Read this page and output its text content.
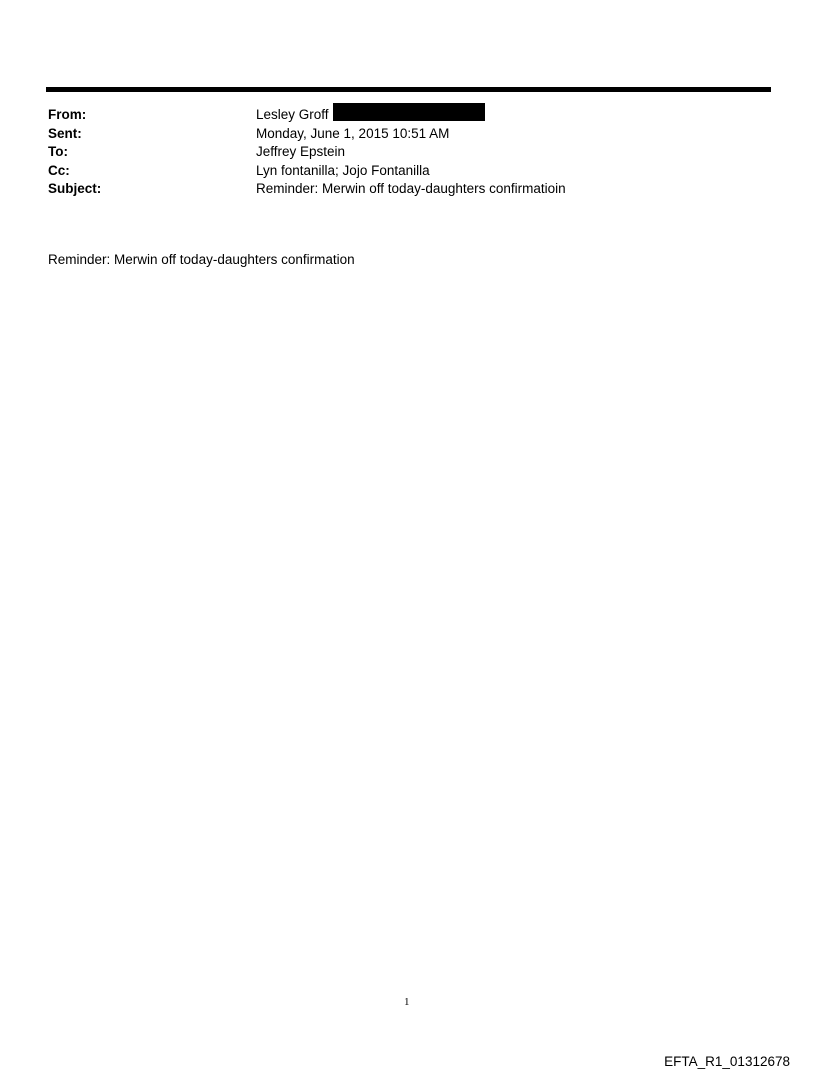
From:	Lesley Groff
Sent:	Monday, June 1, 2015 10:51 AM
To:	Jeffrey Epstein
Cc:	Lyn fontanilla; Jojo Fontanilla
Subject:	Reminder: Merwin off today-daughters confirmatioin
Reminder: Merwin off today-daughters confirmation
1
EFTA_R1_01312678
